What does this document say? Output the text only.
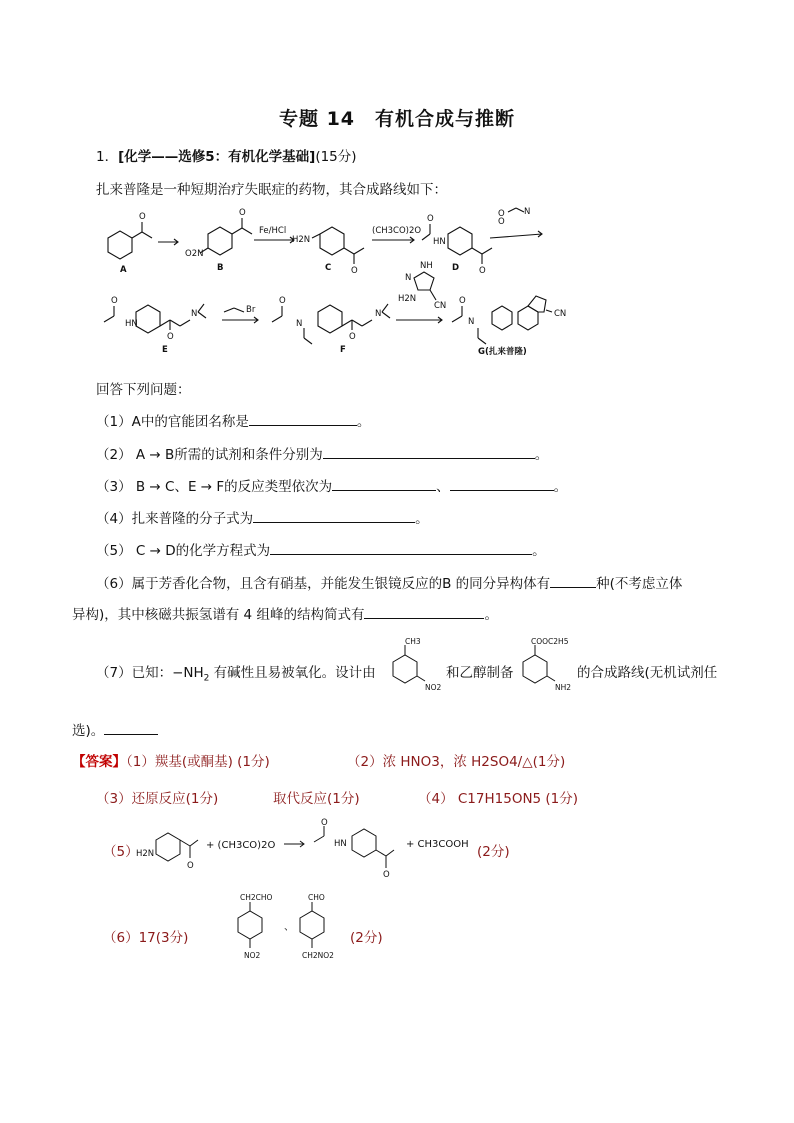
专题 14　有机合成与推断
1．[化学——选修5：有机化学基础](15分)
扎来普隆是一种短期治疗失眠症的药物，其合成路线如下：
O	O
O
O
O
O
O
O
O
O
O2N
H2N	HN
HN
N
N
N
N
H2N
CN
CN
NH
N
O
O
N
Fe/HCl	(CH3CO)2O
Br
A	B	C	D
E	F	G(扎来普隆)
回答下列问题：
（1）A中的官能团名称是	。
（2） A → B所需的试剂和条件分别为	。
（3） B → C、E → F的反应类型依次为	、	。
（4）扎来普隆的分子式为	。
（5） C → D的化学方程式为	。
（6）属于芳香化合物，且含有硝基，并能发生银镜反应的B 的同分异构体有	种(不考虑立体
异构)，其中核磁共振氢谱有 4 组峰的结构简式有	。
（7）已知：$-NH_2$ 有碱性且易被氧化。设计由
CH3
NO2
和乙醇制备
COOC2H5
NH2
的合成路线(无机试剂任
选)。
【答案】（1）羰基(或酮基) (1分)	（2）浓 HNO3，浓 H2SO4/△(1分)
（3）还原反应(1分)	取代反应(1分)	（4） C17H15ON5 (1分)
（5）
H2N
O
+ (CH3CO)2O
O
HN
O
+ CH3COOH (2分)
（6）17(3分)
CH2CHO
NO2
CHO
CH2NO2
、
(2分)
